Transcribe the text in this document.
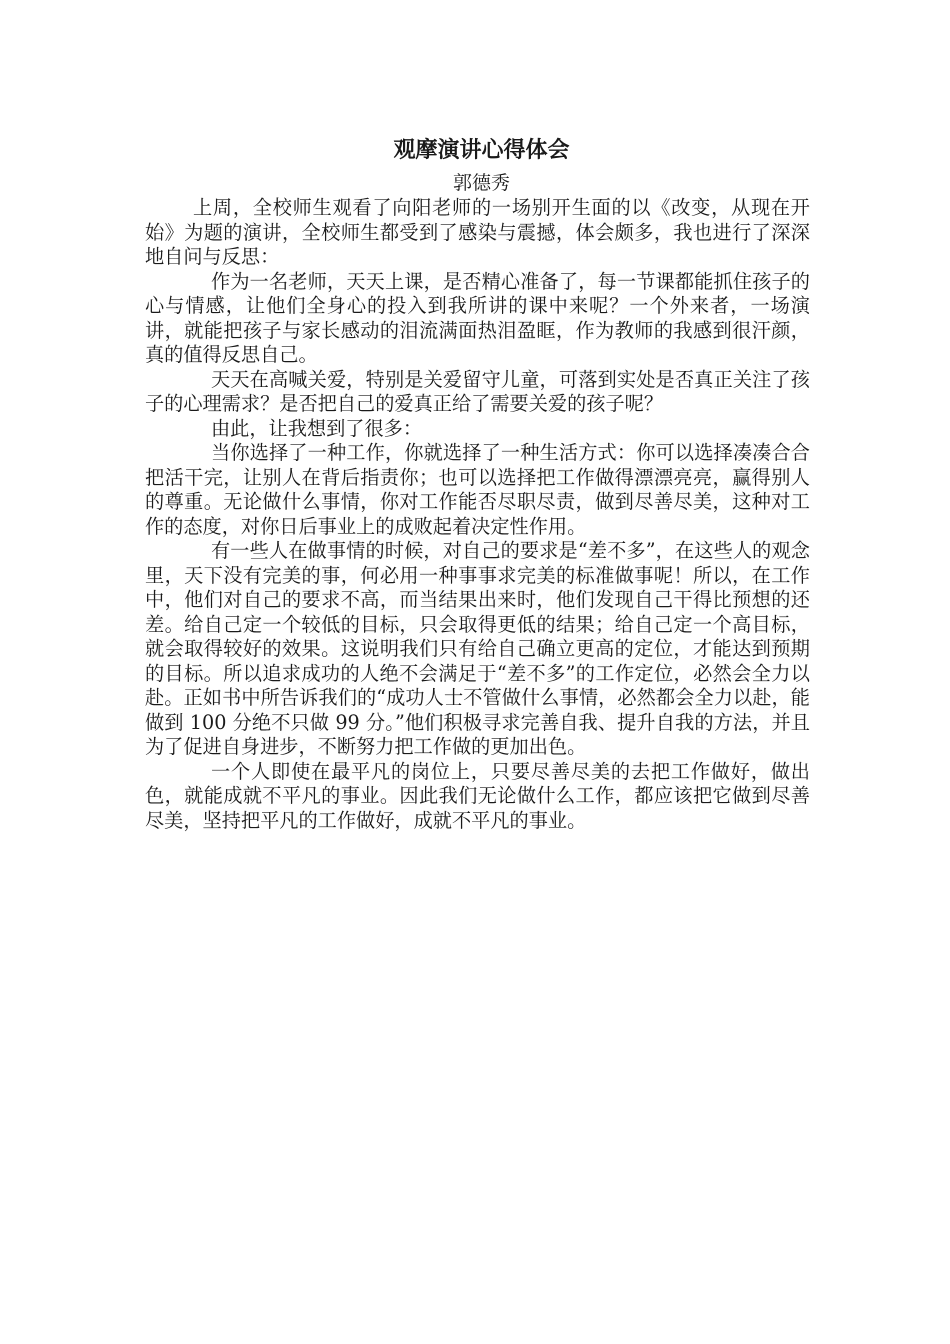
观摩演讲心得体会

郭德秀

上周，全校师生观看了向阳老师的一场别开生面的以《改变，从现在开始》为题的演讲，全校师生都受到了感染与震撼，体会颇多，我也进行了深深地自问与反思：

作为一名老师，天天上课，是否精心准备了，每一节课都能抓住孩子的心与情感，让他们全身心的投入到我所讲的课中来呢？一个外来者，一场演讲，就能把孩子与家长感动的泪流满面热泪盈眶，作为教师的我感到很汗颜，真的值得反思自己。

天天在高喊关爱，特别是关爱留守儿童，可落到实处是否真正关注了孩子的心理需求？是否把自己的爱真正给了需要关爱的孩子呢？

由此，让我想到了很多：

当你选择了一种工作，你就选择了一种生活方式：你可以选择凑凑合合把活干完，让别人在背后指责你；也可以选择把工作做得漂漂亮亮，赢得别人的尊重。无论做什么事情，你对工作能否尽职尽责，做到尽善尽美，这种对工作的态度，对你日后事业上的成败起着决定性作用。

有一些人在做事情的时候，对自己的要求是“差不多”，在这些人的观念里，天下没有完美的事，何必用一种事事求完美的标准做事呢！所以，在工作中，他们对自己的要求不高，而当结果出来时，他们发现自己干得比预想的还差。给自己定一个较低的目标，只会取得更低的结果；给自己定一个高目标，就会取得较好的效果。这说明我们只有给自己确立更高的定位，才能达到预期的目标。所以追求成功的人绝不会满足于“差不多”的工作定位，必然会全力以赴。正如书中所告诉我们的“成功人士不管做什么事情，必然都会全力以赴，能做到 100 分绝不只做 99 分。”他们积极寻求完善自我、提升自我的方法，并且为了促进自身进步，不断努力把工作做的更加出色。

一个人即使在最平凡的岗位上，只要尽善尽美的去把工作做好，做出色，就能成就不平凡的事业。因此我们无论做什么工作，都应该把它做到尽善尽美，坚持把平凡的工作做好，成就不平凡的事业。
